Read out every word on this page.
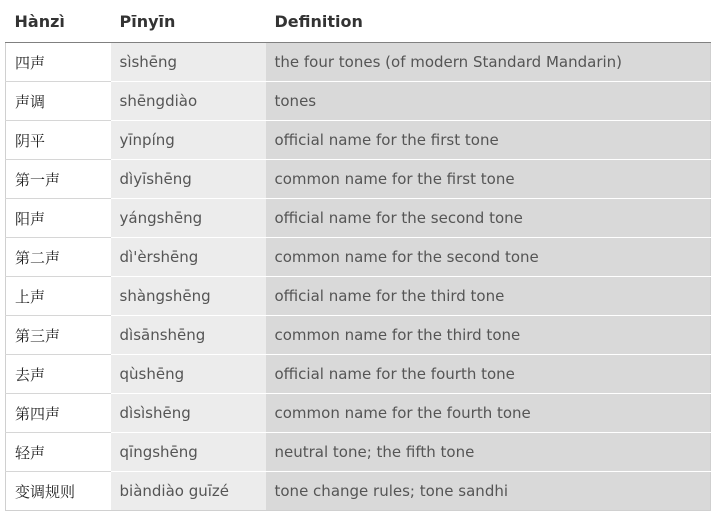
Hànzì	Pīnyīn	Definition
四声	sìshēng	the four tones (of modern Standard Mandarin)
声调	shēngdiào	tones
阴平	yīnpíng	official name for the first tone
第一声	dìyīshēng	common name for the first tone
阳声	yángshēng	official name for the second tone
第二声	dì'èrshēng	common name for the second tone
上声	shàngshēng	official name for the third tone
第三声	dìsānshēng	common name for the third tone
去声	qùshēng	official name for the fourth tone
第四声	dìsìshēng	common name for the fourth tone
轻声	qīngshēng	neutral tone; the fifth tone
变调规则	biàndiào guīzé	tone change rules; tone sandhi
